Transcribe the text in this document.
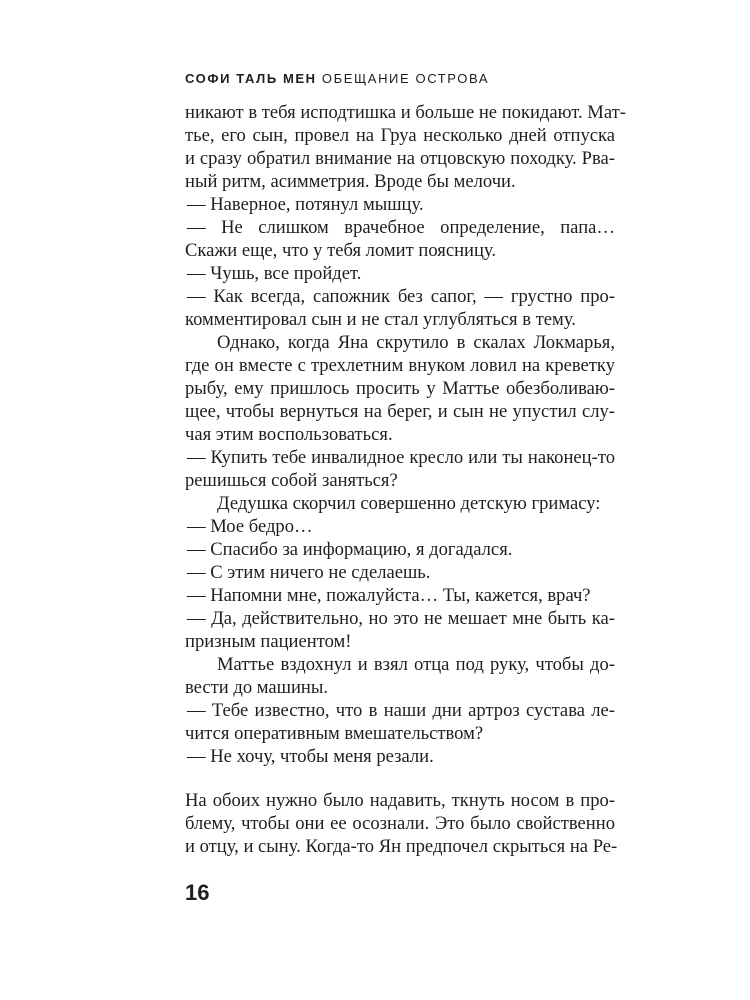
СОФИ ТАЛЬ МЕН ОБЕЩАНИЕ ОСТРОВА
никают в тебя исподтишка и больше не покидают. Мат-
тье, его сын, провел на Груа несколько дней отпуска
и сразу обратил внимание на отцовскую походку. Рва-
ный ритм, асимметрия. Вроде бы мелочи.
— Наверное, потянул мышцу.
— Не слишком врачебное определение, папа…
Скажи еще, что у тебя ломит поясницу.
— Чушь, все пройдет.
— Как всегда, сапожник без сапог, — грустно про-
комментировал сын и не стал углубляться в тему.
Однако, когда Яна скрутило в скалах Локмарья,
где он вместе с трехлетним внуком ловил на креветку
рыбу, ему пришлось просить у Маттье обезболиваю-
щее, чтобы вернуться на берег, и сын не упустил слу-
чая этим воспользоваться.
— Купить тебе инвалидное кресло или ты наконец-то
решишься собой заняться?
Дедушка скорчил совершенно детскую гримасу:
— Мое бедро…
— Спасибо за информацию, я догадался.
— С этим ничего не сделаешь.
— Напомни мне, пожалуйста… Ты, кажется, врач?
— Да, действительно, но это не мешает мне быть ка-
призным пациентом!
Маттье вздохнул и взял отца под руку, чтобы до-
вести до машины.
— Тебе известно, что в наши дни артроз сустава ле-
чится оперативным вмешательством?
— Не хочу, чтобы меня резали.
На обоих нужно было надавить, ткнуть носом в про-
блему, чтобы они ее осознали. Это было свойственно
и отцу, и сыну. Когда-то Ян предпочел скрыться на Ре-
16
